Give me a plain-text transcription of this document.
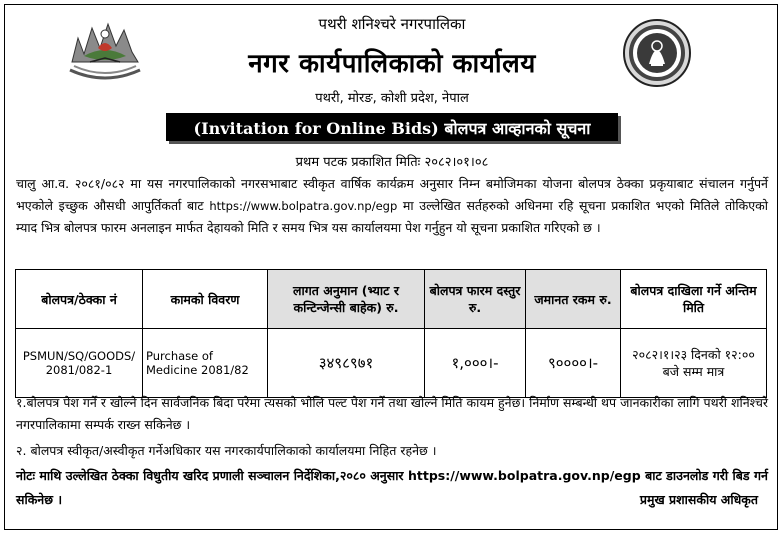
पथरी शनिश्चरे नगरपालिका
नगर कार्यपालिकाको कार्यालय
पथरी, मोरङ, कोशी प्रदेश, नेपाल
(Invitation for Online Bids) बोलपत्र आव्हानको सूचना
प्रथम पटक प्रकाशित मितिः २०८२।०१।०८
चालु आ.व. २०८१/०८२ मा यस नगरपालिकाको नगरसभाबाट स्वीकृत वार्षिक कार्यक्रम अनुसार निम्न बमोजिमका योजना बोलपत्र ठेक्का प्रकृयाबाट संचालन गर्नुपर्ने भएकोले इच्छुक औसधी आपुर्तिकर्ता बाट https://www.bolpatra.gov.np/egp मा उल्लेखित सर्तहरुको अधिनमा रहि सूचना प्रकाशित भएको मितिले तोकिएको म्याद भित्र बोलपत्र फारम अनलाइन मार्फत देहायको मिति र समय भित्र यस कार्यालयमा पेश गर्नुहुन यो सूचना प्रकाशित गरिएको छ ।
बोलपत्र/ठेक्का नं	कामको विवरण	लागत अनुमान (भ्याट र कन्टिन्जेन्सी बाहेक) रु.	बोलपत्र फारम दस्तुर रु.	जमानत रकम रु.	बोलपत्र दाखिला गर्ने अन्तिम मिति
PSMUN/SQ/GOODS/ 2081/082-1	Purchase of Medicine 2081/82	३४९८९७१	१,०००।-	९००००।-	२०८२।१।२३ दिनको १२:०० बजे सम्म मात्र
१.बोलपत्र पेश गर्ने र खोल्ने दिन सार्वजनिक बिदा परेमा त्यसको भोलि पल्ट पेश गर्ने तथा खोल्ने मिति कायम हुनेछ। निर्माण सम्बन्धी थप जानकारीका लागि पथरी शनिश्चरे नगरपालिकामा सम्पर्क राख्न सकिनेछ ।
२. बोलपत्र स्वीकृत/अस्वीकृत गर्नेअधिकार यस नगरकार्यपालिकाको कार्यालयमा निहित रहनेछ ।
नोटः माथि उल्लेखित ठेक्का विधुतीय खरिद प्रणाली सञ्चालन निर्देशिका,२०८० अनुसार https://www.bolpatra.gov.np/egp बाट डाउनलोड गरी बिड गर्न सकिनेछ ।	प्रमुख प्रशासकीय अधिकृत
